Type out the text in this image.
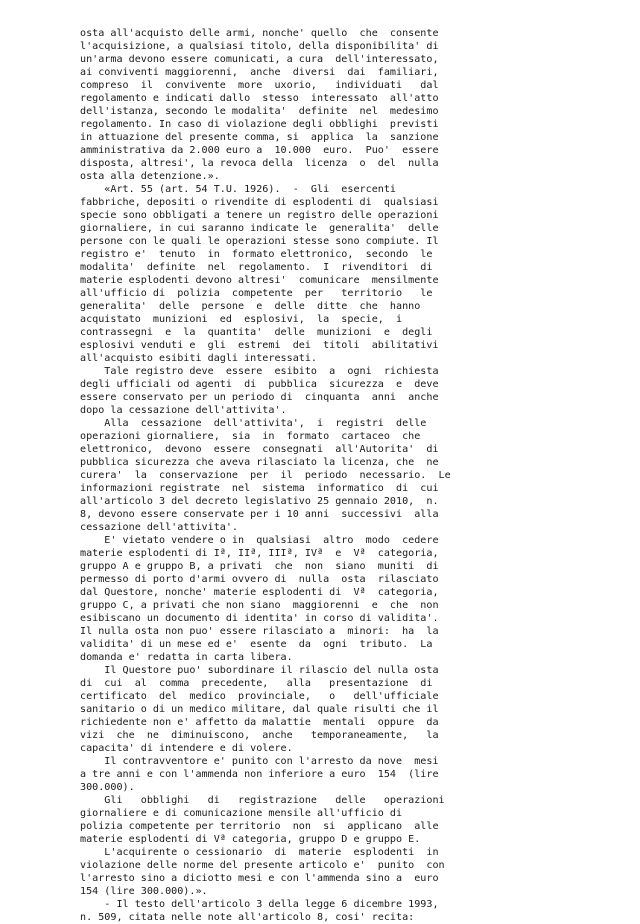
osta all'acquisto delle armi, nonche' quello  che  consente
l'acquisizione, a qualsiasi titolo, della disponibilita' di
un'arma devono essere comunicati, a cura  dell'interessato,
ai conviventi maggiorenni,  anche  diversi  dai  familiari,
compreso  il  convivente  more  uxorio,   individuati   dal
regolamento e indicati dallo  stesso  interessato  all'atto
dell'istanza, secondo le modalita'  definite  nel  medesimo
regolamento. In caso di violazione degli obblighi  previsti
in attuazione del presente comma, si  applica  la  sanzione
amministrativa da 2.000 euro a  10.000  euro.  Puo'  essere
disposta, altresi', la revoca della  licenza  o  del  nulla
osta alla detenzione.».
«Art. 55 (art. 54 T.U. 1926).  -  Gli  esercenti
fabbriche, depositi o rivendite di esplodenti di  qualsiasi
specie sono obbligati a tenere un registro delle operazioni
giornaliere, in cui saranno indicate le  generalita'  delle
persone con le quali le operazioni stesse sono compiute. Il
registro e'  tenuto  in  formato elettronico,  secondo  le
modalita'  definite  nel  regolamento.  I  rivenditori  di
materie esplodenti devono altresi'  comunicare  mensilmente
all'ufficio di  polizia  competente  per   territorio   le
generalita'  delle  persone  e  delle  ditte  che  hanno
acquistato  munizioni  ed  esplosivi,  la  specie,  i
contrassegni  e  la  quantita'  delle  munizioni  e  degli
esplosivi venduti e  gli  estremi  dei  titoli  abilitativi
all'acquisto esibiti dagli interessati.
Tale registro deve  essere  esibito  a  ogni  richiesta
degli ufficiali od agenti  di  pubblica  sicurezza  e  deve
essere conservato per un periodo di  cinquanta  anni  anche
dopo la cessazione dell'attivita'.
Alla  cessazione  dell'attivita',  i  registri  delle
operazioni giornaliere,  sia  in  formato  cartaceo  che
elettronico,  devono  essere  consegnati  all'Autorita'  di
pubblica sicurezza che aveva rilasciato la licenza, che  ne
curera'  la  conservazione  per  il  periodo  necessario.  Le
informazioni registrate  nel  sistema  informatico  di  cui
all'articolo 3 del decreto legislativo 25 gennaio 2010,  n.
8, devono essere conservate per i 10 anni  successivi  alla
cessazione dell'attivita'.
E' vietato vendere o in  qualsiasi  altro  modo  cedere
materie esplodenti di Iª, IIª, IIIª, IVª  e  Vª  categoria,
gruppo A e gruppo B, a privati  che  non  siano  muniti  di
permesso di porto d'armi ovvero di  nulla  osta  rilasciato
dal Questore, nonche' materie esplodenti di  Vª  categoria,
gruppo C, a privati che non siano  maggiorenni  e  che  non
esibiscano un documento di identita' in corso di validita'.
Il nulla osta non puo' essere rilasciato a  minori:  ha  la
validita' di un mese ed e'  esente  da  ogni  tributo.  La
domanda e' redatta in carta libera.
Il Questore puo' subordinare il rilascio del nulla osta
di  cui  al  comma  precedente,   alla   presentazione  di
certificato  del  medico  provinciale,   o   dell'ufficiale
sanitario o di un medico militare, dal quale risulti che il
richiedente non e' affetto da malattie  mentali  oppure  da
vizi  che  ne  diminuiscono,  anche   temporaneamente,   la
capacita' di intendere e di volere.
Il contravventore e' punito con l'arresto da nove  mesi
a tre anni e con l'ammenda non inferiore a euro  154  (lire
300.000).
Gli   obblighi   di   registrazione   delle   operazioni
giornaliere e di comunicazione mensile all'ufficio di
polizia competente per territorio  non  si  applicano  alle
materie esplodenti di Vª categoria, gruppo D e gruppo E.
L'acquirente o cessionario  di  materie  esplodenti  in
violazione delle norme del presente articolo e'  punito  con
l'arresto sino a diciotto mesi e con l'ammenda sino a  euro
154 (lire 300.000).».
- Il testo dell'articolo 3 della legge 6 dicembre 1993,
n. 509, citata nelle note all'articolo 8, cosi' recita:
